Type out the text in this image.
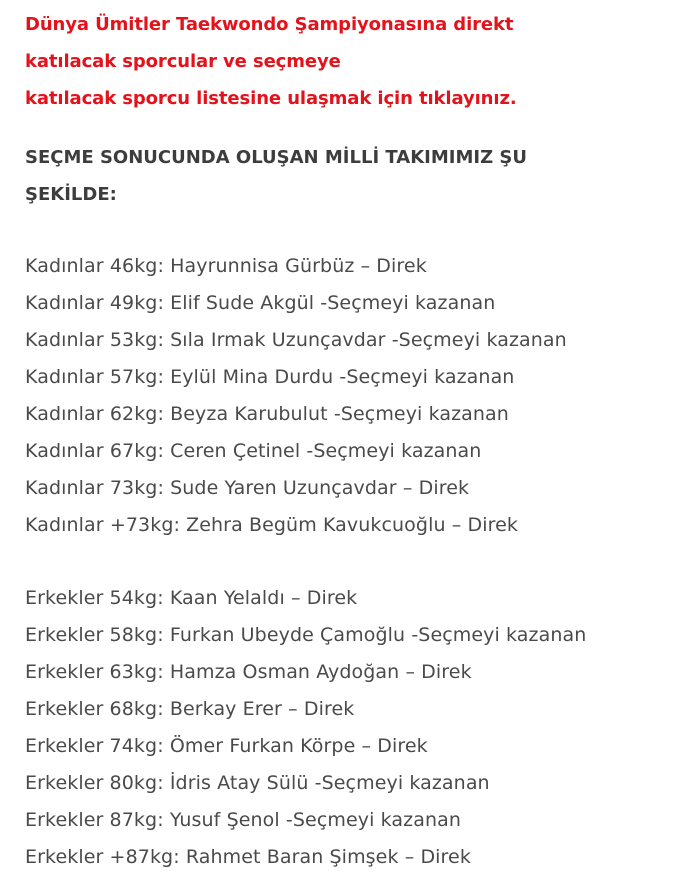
Dünya Ümitler Taekwondo Şampiyonasına direkt
katılacak sporcular ve seçmeye
katılacak sporcu listesine ulaşmak için tıklayınız.
SEÇME SONUCUNDA OLUŞAN MİLLİ TAKIMIMIZ ŞU
ŞEKİLDE:
Kadınlar 46kg: Hayrunnisa Gürbüz – Direk
Kadınlar 49kg: Elif Sude Akgül -Seçmeyi kazanan
Kadınlar 53kg: Sıla Irmak Uzunçavdar -Seçmeyi kazanan
Kadınlar 57kg: Eylül Mina Durdu -Seçmeyi kazanan
Kadınlar 62kg: Beyza Karubulut -Seçmeyi kazanan
Kadınlar 67kg: Ceren Çetinel -Seçmeyi kazanan
Kadınlar 73kg: Sude Yaren Uzunçavdar – Direk
Kadınlar +73kg: Zehra Begüm Kavukcuoğlu – Direk
Erkekler 54kg: Kaan Yelaldı – Direk
Erkekler 58kg: Furkan Ubeyde Çamoğlu -Seçmeyi kazanan
Erkekler 63kg: Hamza Osman Aydoğan – Direk
Erkekler 68kg: Berkay Erer – Direk
Erkekler 74kg: Ömer Furkan Körpe – Direk
Erkekler 80kg: İdris Atay Sülü -Seçmeyi kazanan
Erkekler 87kg: Yusuf Şenol -Seçmeyi kazanan
Erkekler +87kg: Rahmet Baran Şimşek – Direk
